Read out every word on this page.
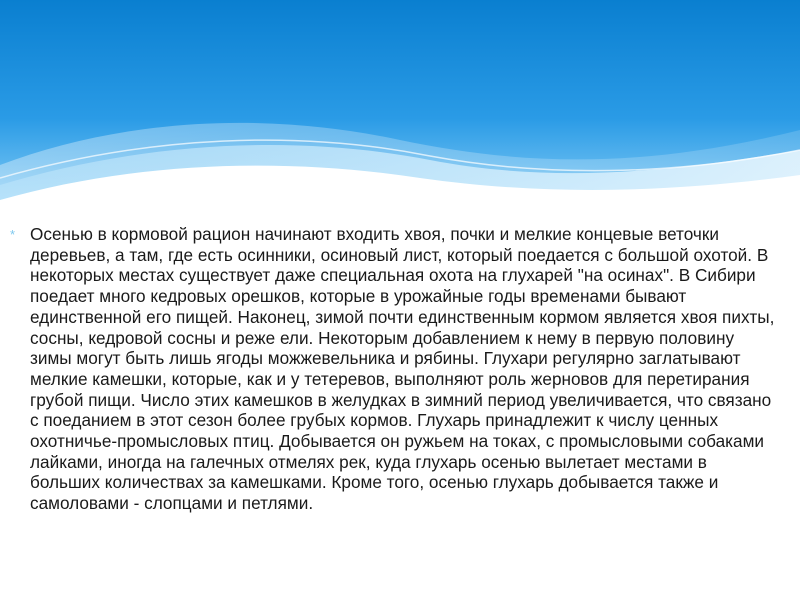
* Осенью в кормовой рацион начинают входить хвоя, почки и мелкие концевые веточки деревьев, а там, где есть осинники, осиновый лист, который поедается с большой охотой. В некоторых местах существует даже специальная охота на глухарей "на осинах". В Сибири поедает много кедровых орешков, которые в урожайные годы временами бывают единственной его пищей. Наконец, зимой почти единственным кормом является хвоя пихты, сосны, кедровой сосны и реже ели. Некоторым добавлением к нему в первую половину зимы могут быть лишь ягоды можжевельника и рябины. Глухари регулярно заглатывают мелкие камешки, которые, как и у тетеревов, выполняют роль жерновов для перетирания грубой пищи. Число этих камешков в желудках в зимний период увеличивается, что связано с поеданием в этот сезон более грубых кормов. Глухарь принадлежит к числу ценных охотничье-промысловых птиц. Добывается он ружьем на токах, с промысловыми собаками лайками, иногда на галечных отмелях рек, куда глухарь осенью вылетает местами в больших количествах за камешками. Кроме того, осенью глухарь добывается также и самоловами - слопцами и петлями.
